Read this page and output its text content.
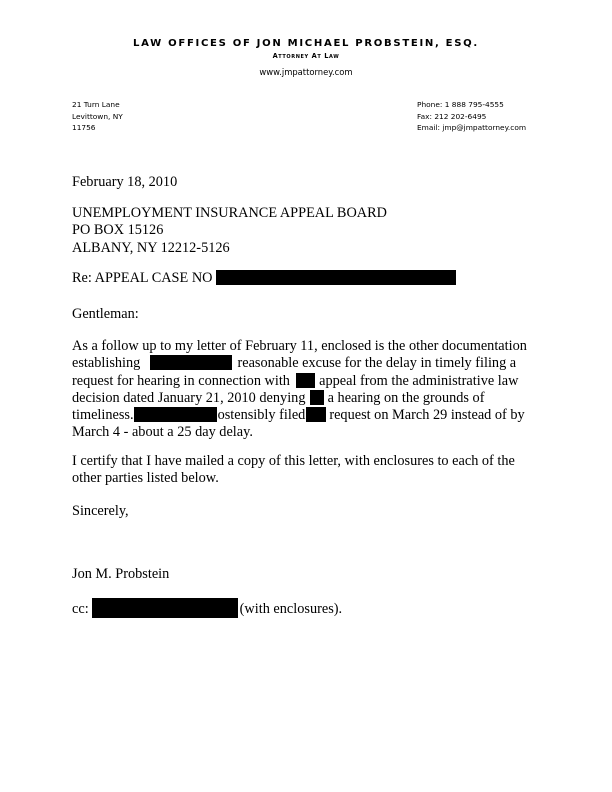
LAW OFFICES OF JON MICHAEL PROBSTEIN, ESQ.
Attorney At Law
www.jmpattorney.com
21 Turn Lane
Levittown, NY
11756
Phone: 1 888 795-4555
Fax: 212 202-6495
Email: jmp@jmpattorney.com
February 18, 2010
UNEMPLOYMENT INSURANCE APPEAL BOARD
PO BOX 15126
ALBANY, NY 12212-5126
Re: APPEAL CASE NO
Gentleman:
As a follow up to my letter of February 11, enclosed is the other documentation
establishing	reasonable excuse for the delay in timely filing a
request for hearing in connection with appeal from the administrative law
decision dated January 21, 2010 denying a hearing on the grounds of
timeliness.	ostensibly filed request on March 29 instead of by
March 4 - about a 25 day delay.
I certify that I have mailed a copy of this letter, with enclosures to each of the
other parties listed below.
Sincerely,
Jon M. Probstein
cc:	(with enclosures).
